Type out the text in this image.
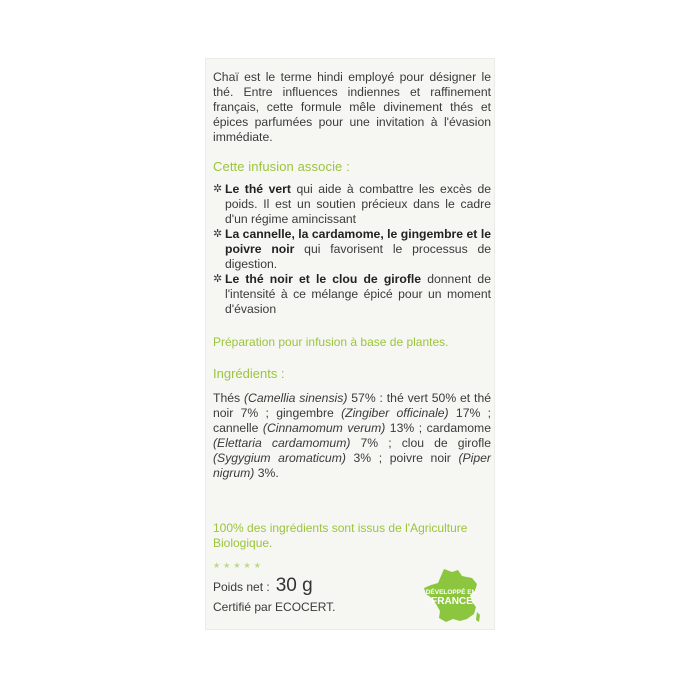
Chaï est le terme hindi employé pour désigner le thé. Entre influences indiennes et raffinement français, cette formule mêle divinement thés et épices parfumées pour une invitation à l'évasion immédiate.

Cette infusion associe :
✲ Le thé vert qui aide à combattre les excès de poids. Il est un soutien précieux dans le cadre d'un régime amincissant
✲ La cannelle, la cardamome, le gingembre et le poivre noir qui favorisent le processus de digestion.
✲ Le thé noir et le clou de girofle donnent de l'intensité à ce mélange épicé pour un moment d'évasion

Préparation pour infusion à base de plantes.

Ingrédients :

Thés (Camellia sinensis) 57% : thé vert 50% et thé noir 7% ; gingembre (Zingiber officinale) 17% ; cannelle (Cinnamomum verum) 13% ; cardamome (Elettaria cardamomum) 7% ; clou de girofle (Sygygium aromaticum) 3% ; poivre noir (Piper nigrum) 3%.

100% des ingrédients sont issus de l'Agriculture Biologique.

★★★★★
Poids net : 30 g

Certifié par ECOCERT.

DÉVELOPPÉ EN
FRANCE
